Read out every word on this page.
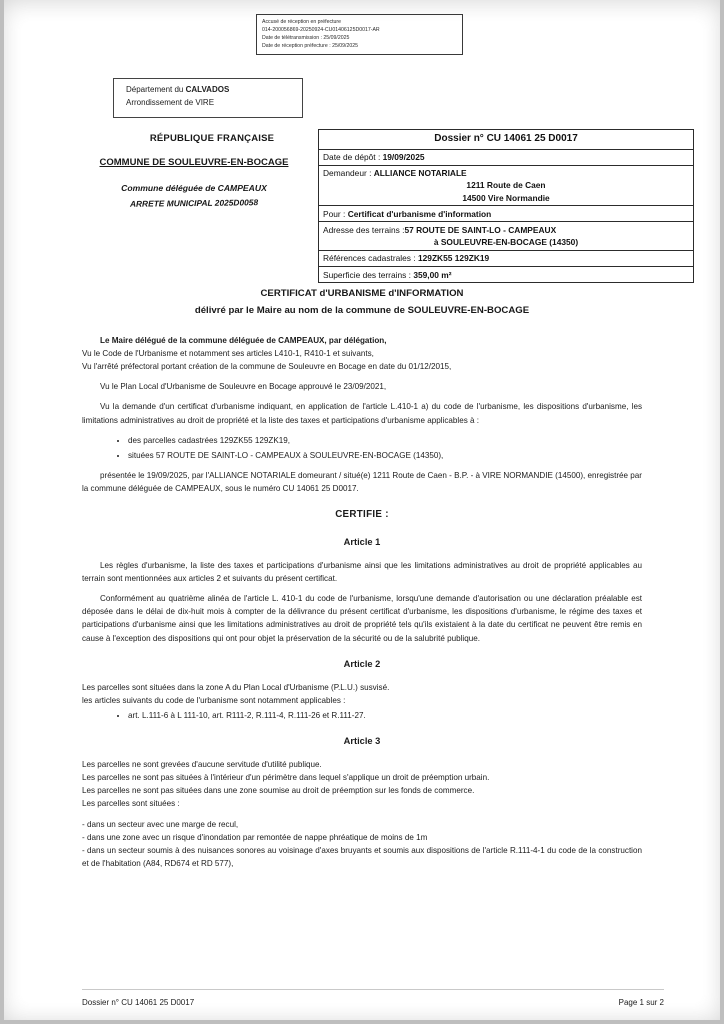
Accusé de réception en préfecture
014-200056869-20250924-CU01406125D0017-AR
Date de télétransmission : 25/09/2025
Date de réception préfecture : 25/09/2025
Département du CALVADOS
Arrondissement de VIRE
RÉPUBLIQUE FRANÇAISE
COMMUNE DE SOULEUVRE-EN-BOCAGE
Commune déléguée de CAMPEAUX
ARRETE MUNICIPAL 2025D0058
Dossier n° CU 14061 25 D0017
Date de dépôt : 19/09/2025
Demandeur : ALLIANCE NOTARIALE
1211 Route de Caen
14500 Vire Normandie
Pour : Certificat d'urbanisme d'information
Adresse des terrains :57 ROUTE DE SAINT-LO - CAMPEAUX
à SOULEUVRE-EN-BOCAGE (14350)
Références cadastrales : 129ZK55 129ZK19
Superficie des terrains : 359,00 m²
CERTIFICAT d'URBANISME d'INFORMATION
délivré par le Maire au nom de la commune de SOULEUVRE-EN-BOCAGE

Le Maire délégué de la commune déléguée de CAMPEAUX, par délégation,

Vu le Code de l'Urbanisme et notamment ses articles L410-1, R410-1 et suivants,

Vu l'arrêté préfectoral portant création de la commune de Souleuvre en Bocage en date du 01/12/2015,

Vu le Plan Local d'Urbanisme de Souleuvre en Bocage approuvé le 23/09/2021,

Vu la demande d'un certificat d'urbanisme indiquant, en application de l'article L.410-1 a) du code de l'urbanisme, les dispositions d'urbanisme, les limitations administratives au droit de propriété et la liste des taxes et participations d'urbanisme applicables à :

• des parcelles cadastrées 129ZK55 129ZK19,
• situées 57 ROUTE DE SAINT-LO - CAMPEAUX à SOULEUVRE-EN-BOCAGE (14350),

présentée le 19/09/2025, par l'ALLIANCE NOTARIALE domeurant / situé(e) 1211 Route de Caen - B.P. - à VIRE NORMANDIE (14500), enregistrée par la commune déléguée de CAMPEAUX, sous le numéro CU 14061 25 D0017.

CERTIFIE :
Article 1

Les règles d'urbanisme, la liste des taxes et participations d'urbanisme ainsi que les limitations administratives au droit de propriété applicables au terrain sont mentionnées aux articles 2 et suivants du présent certificat.

Conformément au quatrième alinéa de l'article L. 410-1 du code de l'urbanisme, lorsqu'une demande d'autorisation ou une déclaration préalable est déposée dans le délai de dix-huit mois à compter de la délivrance du présent certificat d'urbanisme, les dispositions d'urbanisme, le régime des taxes et participations d'urbanisme ainsi que les limitations administratives au droit de propriété tels qu'ils existaient à la date du certificat ne peuvent être remis en cause à l'exception des dispositions qui ont pour objet la préservation de la sécurité ou de la salubrité publique.

Article 2

Les parcelles sont situées dans la zone A du Plan Local d'Urbanisme (P.L.U.) susvisé.

les articles suivants du code de l'urbanisme sont notamment applicables :

• art. L.111-6 à L 111-10, art. R111-2, R.111-4, R.111-26 et R.111-27.
Article 3

Les parcelles ne sont grevées d'aucune servitude d'utilité publique.

Les parcelles ne sont pas situées à l'intérieur d'un périmètre dans lequel s'applique un droit de préemption urbain.

Les parcelles ne sont pas situées dans une zone soumise au droit de préemption sur les fonds de commerce.

Les parcelles sont situées :

- dans un secteur avec une marge de recul,

- dans une zone avec un risque d'inondation par remontée de nappe phréatique de moins de 1m

- dans un secteur soumis à des nuisances sonores au voisinage d'axes bruyants et soumis aux dispositions de l'article R.111-4-1 du code de la construction et de l'habitation (A84, RD674 et RD 577),

Dossier n° CU 14061 25 D0017	Page 1 sur 2
